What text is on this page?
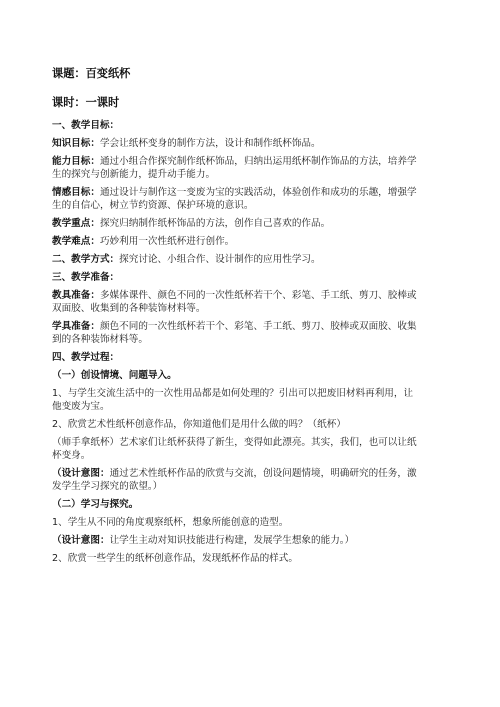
课题：百变纸杯
课时：一课时
一、教学目标：
知识目标：学会让纸杯变身的制作方法，设计和制作纸杯饰品。
能力目标：通过小组合作探究制作纸杯饰品，归纳出运用纸杯制作饰品的方法，培养学
生的探究与创新能力，提升动手能力。
情感目标：通过设计与制作这一变废为宝的实践活动，体验创作和成功的乐趣，增强学
生的自信心，树立节约资源、保护环境的意识。
教学重点：探究归纳制作纸杯饰品的方法，创作自己喜欢的作品。
教学难点：巧妙利用一次性纸杯进行创作。
二、教学方式：探究讨论、小组合作、设计制作的应用性学习。
三、教学准备：
教具准备：多媒体课件、颜色不同的一次性纸杯若干个、彩笔、手工纸、剪刀、胶棒或
双面胶、收集到的各种装饰材料等。
学具准备：颜色不同的一次性纸杯若干个、彩笔、手工纸、剪刀、胶棒或双面胶、收集
到的各种装饰材料等。
四、教学过程：
（一）创设情境、问题导入。
1、与学生交流生活中的一次性用品都是如何处理的？引出可以把废旧材料再利用，让
他变废为宝。
2、欣赏艺术性纸杯创意作品，你知道他们是用什么做的吗？（纸杯）
（师手拿纸杯）艺术家们让纸杯获得了新生，变得如此漂亮。其实，我们，也可以让纸
杯变身。
（设计意图：通过艺术性纸杯作品的欣赏与交流，创设问题情境，明确研究的任务，激
发学生学习探究的欲望。）
（二）学习与探究。
1、学生从不同的角度观察纸杯，想象所能创意的造型。
（设计意图：让学生主动对知识技能进行构建，发展学生想象的能力。）
2、欣赏一些学生的纸杯创意作品，发现纸杯作品的样式。
